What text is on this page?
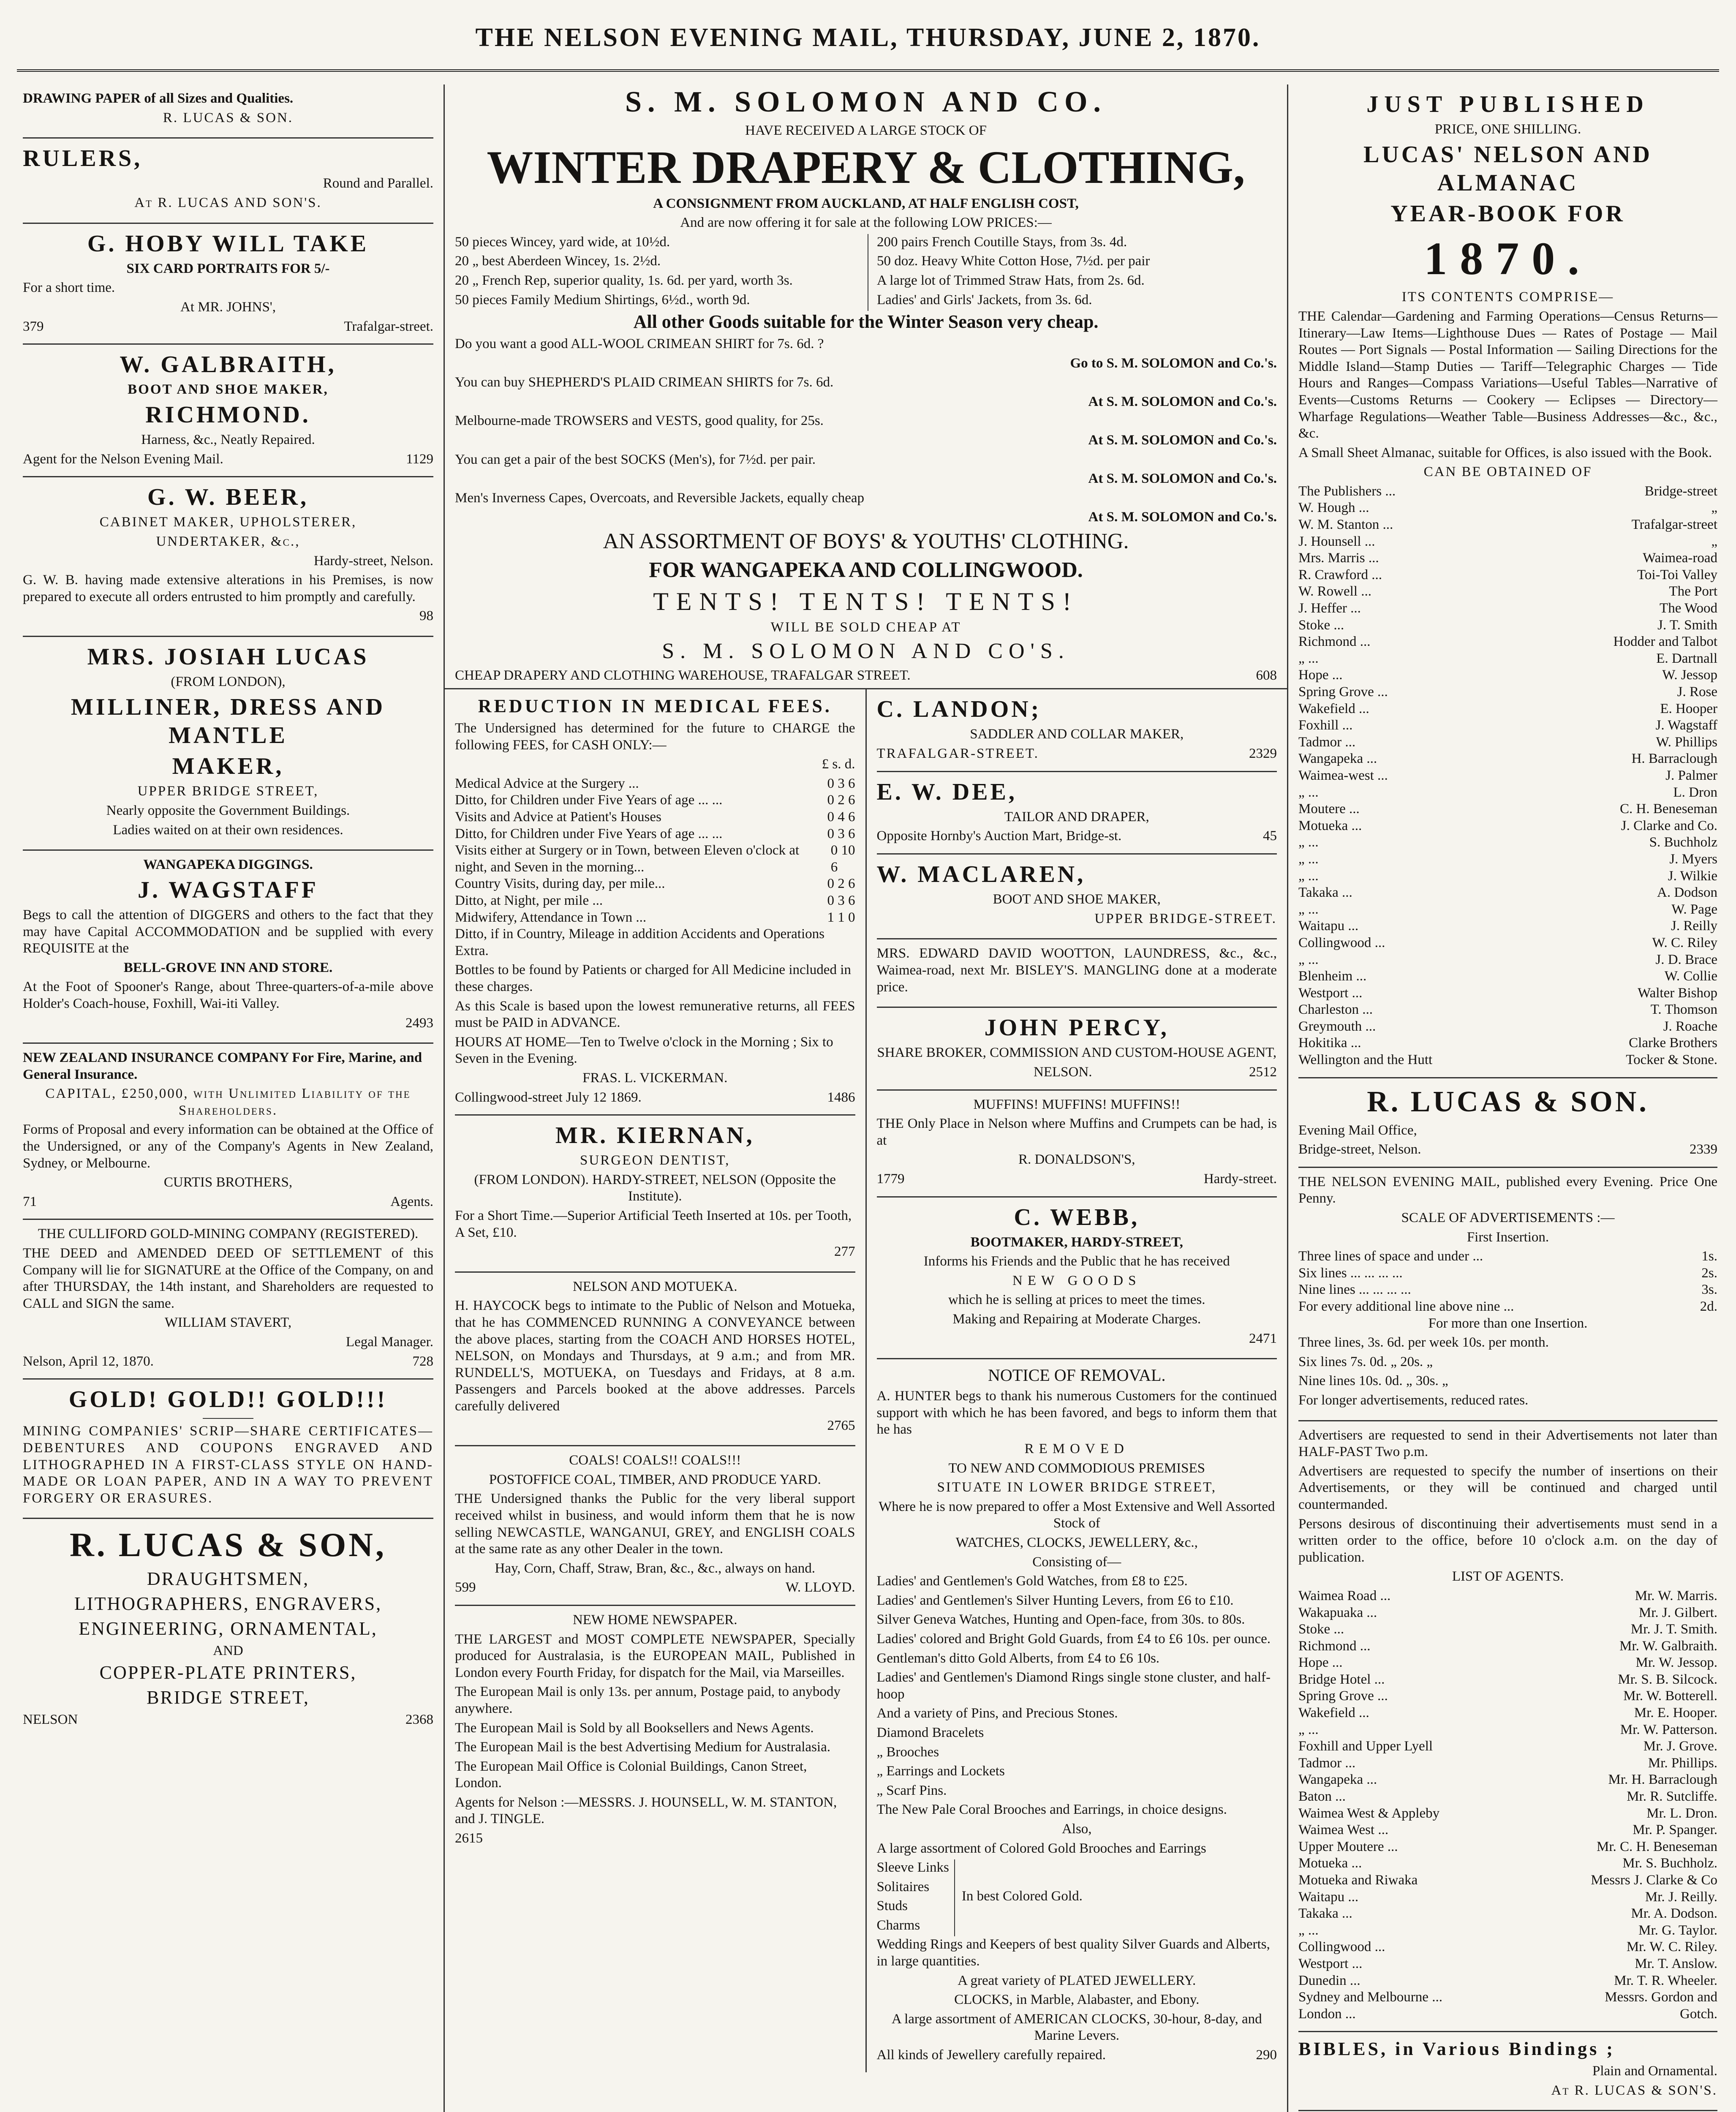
THE NELSON EVENING MAIL, THURSDAY, JUNE 2, 1870.

DRAWING PAPER of all Sizes and Qualities.

R. LUCAS & SON.

RULERS,

Round and Parallel.

At R. LUCAS AND SON'S.

G. HOBY WILL TAKE

SIX CARD PORTRAITS FOR 5/-

For a short time.

At MR. JOHNS',

379	Trafalgar-street.

W. GALBRAITH,

BOOT AND SHOE MAKER,

RICHMOND.

Harness, &c., Neatly Repaired.

Agent for the Nelson Evening Mail.	1129

G. W. BEER,

CABINET MAKER, UPHOLSTERER,

UNDERTAKER, &c.,

Hardy-street, Nelson.

G. W. B. having made extensive alterations in his Premises, is now prepared to execute all orders entrusted to him promptly and carefully.

98

MRS. JOSIAH LUCAS

(FROM LONDON),

MILLINER, DRESS AND MANTLE

MAKER,

UPPER BRIDGE STREET,

Nearly opposite the Government Buildings.

Ladies waited on at their own residences.

WANGAPEKA DIGGINGS.

J. WAGSTAFF

Begs to call the attention of DIGGERS and others to the fact that they may have Capital ACCOMMODATION and be supplied with every REQUISITE at the

BELL-GROVE INN AND STORE.

At the Foot of Spooner's Range, about Three-quarters-of-a-mile above Holder's Coach-house, Foxhill, Wai-iti Valley.

2493

NEW ZEALAND INSURANCE COMPANY For Fire, Marine, and General Insurance.

CAPITAL, £250,000, with Unlimited Liability of the Shareholders.

Forms of Proposal and every information can be obtained at the Office of the Undersigned, or any of the Company's Agents in New Zealand, Sydney, or Melbourne.

CURTIS BROTHERS,

71	Agents.

THE CULLIFORD GOLD-MINING COMPANY (REGISTERED).

THE DEED and AMENDED DEED OF SETTLEMENT of this Company will lie for SIGNATURE at the Office of the Company, on and after THURSDAY, the 14th instant, and Shareholders are requested to CALL and SIGN the same.

WILLIAM STAVERT,

Legal Manager.

Nelson, April 12, 1870.	728

GOLD! GOLD!! GOLD!!!

MINING COMPANIES' SCRIP—SHARE CERTIFICATES—DEBENTURES AND COUPONS ENGRAVED AND LITHOGRAPHED IN A FIRST-CLASS STYLE ON HAND-MADE OR LOAN PAPER, AND IN A WAY TO PREVENT FORGERY OR ERASURES.

R. LUCAS & SON,

DRAUGHTSMEN,

LITHOGRAPHERS, ENGRAVERS,

ENGINEERING, ORNAMENTAL,

AND

COPPER-PLATE PRINTERS,

BRIDGE STREET,

NELSON	2368

S. M. SOLOMON AND CO.

HAVE RECEIVED A LARGE STOCK OF

WINTER DRAPERY & CLOTHING,

A CONSIGNMENT FROM AUCKLAND, AT HALF ENGLISH COST,

And are now offering it for sale at the following LOW PRICES:—

50 pieces Wincey, yard wide, at 10½d.

20 „ best Aberdeen Wincey, 1s. 2½d.

20 „ French Rep, superior quality, 1s. 6d. per yard, worth 3s.

50 pieces Family Medium Shirtings, 6½d., worth 9d.

200 pairs French Coutille Stays, from 3s. 4d.

50 doz. Heavy White Cotton Hose, 7½d. per pair

A large lot of Trimmed Straw Hats, from 2s. 6d.

Ladies' and Girls' Jackets, from 3s. 6d.

All other Goods suitable for the Winter Season very cheap.

Do you want a good ALL-WOOL CRIMEAN SHIRT for 7s. 6d. ?

Go to S. M. SOLOMON and Co.'s.

You can buy SHEPHERD'S PLAID CRIMEAN SHIRTS for 7s. 6d.

At S. M. SOLOMON and Co.'s.

Melbourne-made TROWSERS and VESTS, good quality, for 25s.

At S. M. SOLOMON and Co.'s.

You can get a pair of the best SOCKS (Men's), for 7½d. per pair.

At S. M. SOLOMON and Co.'s.

Men's Inverness Capes, Overcoats, and Reversible Jackets, equally cheap

At S. M. SOLOMON and Co.'s.

AN ASSORTMENT OF BOYS' & YOUTHS' CLOTHING.

FOR WANGAPEKA AND COLLINGWOOD.

TENTS! TENTS! TENTS!

WILL BE SOLD CHEAP AT

S. M. SOLOMON AND CO'S.

CHEAP DRAPERY AND CLOTHING WAREHOUSE, TRAFALGAR STREET.	608

REDUCTION IN MEDICAL FEES.

The Undersigned has determined for the future to CHARGE the following FEES, for CASH ONLY:—

£ s. d.

Medical Advice at the Surgery ...	0 3 6
Ditto, for Children under Five Years of age ... ...	0 2 6
Visits and Advice at Patient's Houses	0 4 6
Ditto, for Children under Five Years of age ... ...	0 3 6
Visits either at Surgery or in Town, between Eleven o'clock at night, and Seven in the morning...
0 10 6
Country Visits, during day, per mile...	0 2 6
Ditto, at Night, per mile ...	0 3 6
Midwifery, Attendance in Town ...	1 1 0

Ditto, if in Country, Mileage in addition Accidents and Operations Extra.

Bottles to be found by Patients or charged for All Medicine included in these charges.

As this Scale is based upon the lowest remunerative returns, all FEES must be PAID in ADVANCE.

HOURS AT HOME—Ten to Twelve o'clock in the Morning ; Six to Seven in the Evening.

FRAS. L. VICKERMAN.

Collingwood-street July 12 1869.	1486

MR. KIERNAN,

SURGEON DENTIST,

(FROM LONDON). HARDY-STREET, NELSON (Opposite the Institute).

For a Short Time.—Superior Artificial Teeth Inserted at 10s. per Tooth, A Set, £10.

277

NELSON AND MOTUEKA.

H. HAYCOCK begs to intimate to the Public of Nelson and Motueka, that he has COMMENCED RUNNING A CONVEYANCE between the above places, starting from the COACH AND HORSES HOTEL, NELSON, on Mondays and Thursdays, at 9 a.m.; and from MR. RUNDELL'S, MOTUEKA, on Tuesdays and Fridays, at 8 a.m. Passengers and Parcels booked at the above addresses. Parcels carefully delivered

2765

COALS! COALS!! COALS!!!

POSTOFFICE COAL, TIMBER, AND PRODUCE YARD.

THE Undersigned thanks the Public for the very liberal support received whilst in business, and would inform them that he is now selling NEWCASTLE, WANGANUI, GREY, and ENGLISH COALS at the same rate as any other Dealer in the town.

Hay, Corn, Chaff, Straw, Bran, &c., &c., always on hand.

599	W. LLOYD.

NEW HOME NEWSPAPER.

THE LARGEST and MOST COMPLETE NEWSPAPER, Specially produced for Australasia, is the EUROPEAN MAIL, Published in London every Fourth Friday, for dispatch for the Mail, via Marseilles.

The European Mail is only 13s. per annum, Postage paid, to anybody anywhere.

The European Mail is Sold by all Booksellers and News Agents.

The European Mail is the best Advertising Medium for Australasia.

The European Mail Office is Colonial Buildings, Canon Street, London.

Agents for Nelson :—MESSRS. J. HOUNSELL, W. M. STANTON, and J. TINGLE.

2615

C. LANDON;

SADDLER AND COLLAR MAKER,

TRAFALGAR-STREET.	2329

E. W. DEE,

TAILOR AND DRAPER,

Opposite Hornby's Auction Mart, Bridge-st.	45

W. MACLAREN,

BOOT AND SHOE MAKER,

UPPER BRIDGE-STREET.

MRS. EDWARD DAVID WOOTTON, LAUNDRESS, &c., &c., Waimea-road, next Mr. BISLEY'S. MANGLING done at a moderate price.

JOHN PERCY,

SHARE BROKER, COMMISSION AND CUSTOM-HOUSE AGENT,

NELSON.	2512

MUFFINS! MUFFINS! MUFFINS!!

THE Only Place in Nelson where Muffins and Crumpets can be had, is at

R. DONALDSON'S,

1779	Hardy-street.

C. WEBB,

BOOTMAKER, HARDY-STREET,

Informs his Friends and the Public that he has received

NEW GOODS

which he is selling at prices to meet the times.

Making and Repairing at Moderate Charges.

2471

NOTICE OF REMOVAL.

A. HUNTER begs to thank his numerous Customers for the continued support with which he has been favored, and begs to inform them that he has

REMOVED

TO NEW AND COMMODIOUS PREMISES

SITUATE IN LOWER BRIDGE STREET,

Where he is now prepared to offer a Most Extensive and Well Assorted Stock of

WATCHES, CLOCKS, JEWELLERY, &c.,

Consisting of—

Ladies' and Gentlemen's Gold Watches, from £8 to £25.

Ladies' and Gentlemen's Silver Hunting Levers, from £6 to £10.

Silver Geneva Watches, Hunting and Open-face, from 30s. to 80s.

Ladies' colored and Bright Gold Guards, from £4 to £6 10s. per ounce.

Gentleman's ditto Gold Alberts, from £4 to £6 10s.

Ladies' and Gentlemen's Diamond Rings single stone cluster, and half-hoop

And a variety of Pins, and Precious Stones.

Diamond Bracelets

„ Brooches

„ Earrings and Lockets

„ Scarf Pins.

The New Pale Coral Brooches and Earrings, in choice designs.

Also,

A large assortment of Colored Gold Brooches and Earrings

Sleeve Links

Solitaires

Studs

Charms

In best Colored Gold.

Wedding Rings and Keepers of best quality Silver Guards and Alberts, in large quantities.

A great variety of PLATED JEWELLERY.

CLOCKS, in Marble, Alabaster, and Ebony.

A large assortment of AMERICAN CLOCKS, 30-hour, 8-day, and Marine Levers.

All kinds of Jewellery carefully repaired.	290

JUST PUBLISHED

PRICE, ONE SHILLING.

LUCAS' NELSON AND ALMANAC

YEAR-BOOK FOR

1870.

ITS CONTENTS COMPRISE—

THE Calendar—Gardening and Farming Operations—Census Returns—Itinerary—Law Items—Lighthouse Dues — Rates of Postage — Mail Routes — Port Signals — Postal Information — Sailing Directions for the Middle Island—Stamp Duties — Tariff—Telegraphic Charges — Tide Hours and Ranges—Compass Variations—Useful Tables—Narrative of Events—Customs Returns — Cookery — Eclipses — Directory— Wharfage Regulations—Weather Table—Business Addresses—&c., &c., &c.

A Small Sheet Almanac, suitable for Offices, is also issued with the Book.

CAN BE OBTAINED OF

The Publishers ...	Bridge-street
W. Hough ...	„
W. M. Stanton ...	Trafalgar-street
J. Hounsell ...	„
Mrs. Marris ...	Waimea-road
R. Crawford ...	Toi-Toi Valley
W. Rowell ...	The Port
J. Heffer ...	The Wood
Stoke ...	J. T. Smith
Richmond ...	Hodder and Talbot
„ ...	E. Dartnall
Hope ...	W. Jessop
Spring Grove ...	J. Rose
Wakefield ...	E. Hooper
Foxhill ...	J. Wagstaff
Tadmor ...	W. Phillips
Wangapeka ...	H. Barraclough
Waimea-west ...	J. Palmer
„ ...	L. Dron
Moutere ...	C. H. Beneseman
Motueka ...	J. Clarke and Co.
„ ...	S. Buchholz
„ ...	J. Myers
„ ...	J. Wilkie
Takaka ...	A. Dodson
„ ...	W. Page
Waitapu ...	J. Reilly
Collingwood ...	W. C. Riley
„ ...	J. D. Brace
Blenheim ...	W. Collie
Westport ...	Walter Bishop
Charleston ...	T. Thomson
Greymouth ...	J. Roache
Hokitika ...	Clarke Brothers
Wellington and the Hutt	Tocker & Stone.

R. LUCAS & SON.

Evening Mail Office,

Bridge-street, Nelson.	2339

THE NELSON EVENING MAIL, published every Evening. Price One Penny.

SCALE OF ADVERTISEMENTS :—

First Insertion.

Three lines of space and under ...	1s.
Six lines ... ... ... ...	2s.
Nine lines ... ... ... ...	3s.
For every additional line above nine ...	2d.

For more than one Insertion.

Three lines, 3s. 6d. per week 10s. per month.

Six lines 7s. 0d. „ 20s. „

Nine lines 10s. 0d. „ 30s. „

For longer advertisements, reduced rates.

Advertisers are requested to send in their Advertisements not later than HALF-PAST Two p.m.

Advertisers are requested to specify the number of insertions on their Advertisements, or they will be continued and charged until countermanded.

Persons desirous of discontinuing their advertisements must send in a written order to the office, before 10 o'clock a.m. on the day of publication.

LIST OF AGENTS.

Waimea Road ...	Mr. W. Marris.
Wakapuaka ...	Mr. J. Gilbert.
Stoke ...	Mr. J. T. Smith.
Richmond ...	Mr. W. Galbraith.
Hope ...	Mr. W. Jessop.
Bridge Hotel ...	Mr. S. B. Silcock.
Spring Grove ...	Mr. W. Botterell.
Wakefield ...	Mr. E. Hooper.
„ ...	Mr. W. Patterson.
Foxhill and Upper Lyell	Mr. J. Grove.
Tadmor ...	Mr. Phillips.
Wangapeka ...	Mr. H. Barraclough
Baton ...	Mr. R. Sutcliffe.
Waimea West & Appleby	Mr. L. Dron.
Waimea West ...	Mr. P. Spanger.
Upper Moutere ...	Mr. C. H. Beneseman
Motueka ...	Mr. S. Buchholz.
Motueka and Riwaka	Messrs J. Clarke & Co
Waitapu ...	Mr. J. Reilly.
Takaka ...	Mr. A. Dodson.
„ ...	Mr. G. Taylor.
Collingwood ...	Mr. W. C. Riley.
Westport ...	Mr. T. Anslow.
Dunedin ...	Mr. T. R. Wheeler.
Sydney and Melbourne ...	Messrs. Gordon and
London ...	Gotch.

BIBLES, in Various Bindings ;

Plain and Ornamental.

At R. LUCAS & SON'S.
